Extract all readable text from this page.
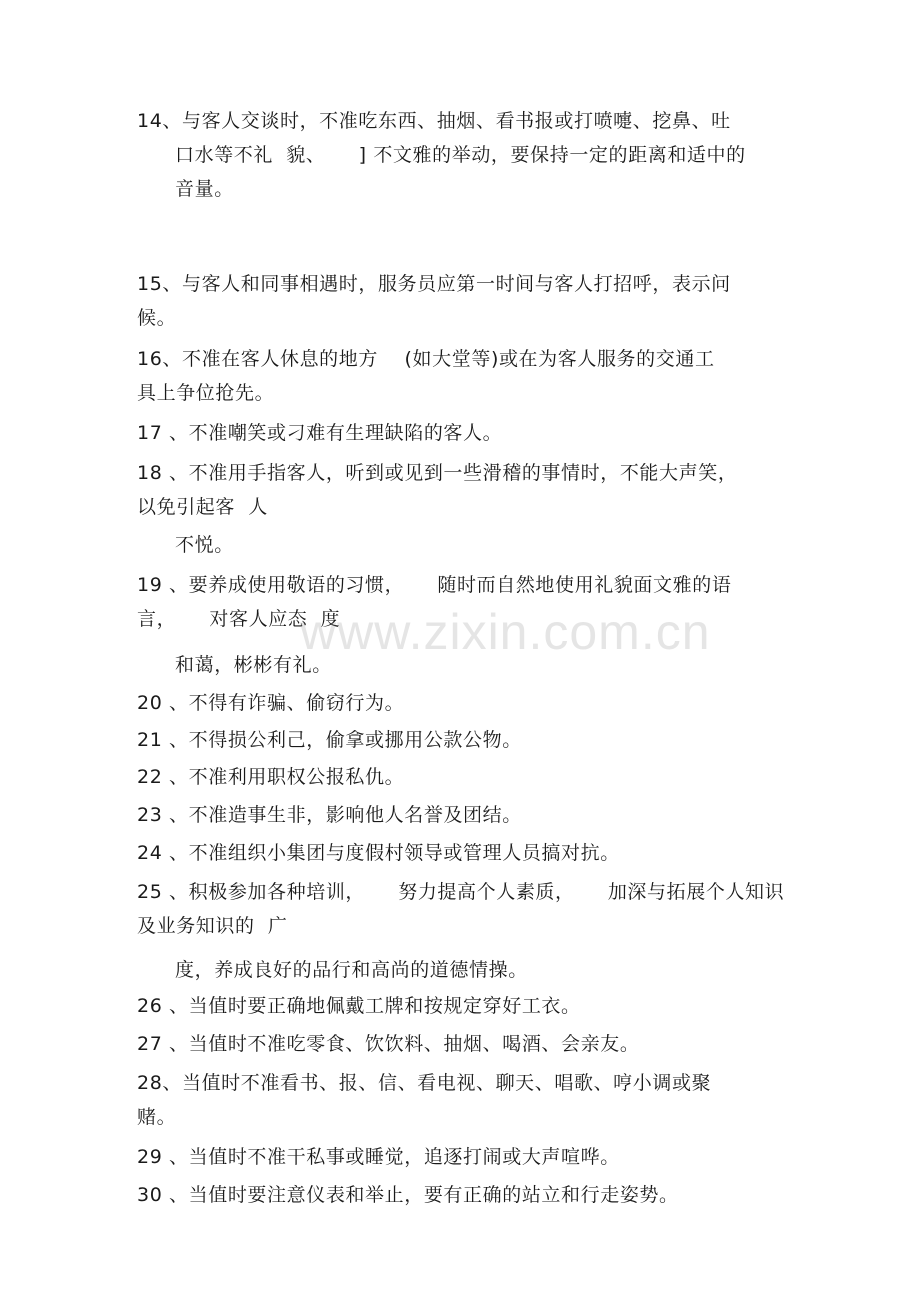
14、与客人交谈时，不准吃东西、抽烟、看书报或打喷嚏、挖鼻、吐
口水等不礼  貌、     ] 不文雅的举动，要保持一定的距离和适中的
音量。
15、与客人和同事相遇时，服务员应第一时间与客人打招呼，表示问
候。
16、不准在客人休息的地方    (如大堂等)或在为客人服务的交通工
具上争位抢先。
17 、不准嘲笑或刁难有生理缺陷的客人。
18 、不准用手指客人，听到或见到一些滑稽的事情时，不能大声笑，
以免引起客  人
不悦。
19 、要养成使用敬语的习惯，     随时而自然地使用礼貌面文雅的语
言，     对客人应态  度
和蔼，彬彬有礼。
20 、不得有诈骗、偷窃行为。
21 、不得损公利己，偷拿或挪用公款公物。
22 、不准利用职权公报私仇。
23 、不准造事生非，影响他人名誉及团结。
24 、不准组织小集团与度假村领导或管理人员搞对抗。
25 、积极参加各种培训，     努力提高个人素质，     加深与拓展个人知识
及业务知识的  广
度，养成良好的品行和高尚的道德情操。
26 、当值时要正确地佩戴工牌和按规定穿好工衣。
27 、当值时不准吃零食、饮饮料、抽烟、喝酒、会亲友。
28、当值时不准看书、报、信、看电视、聊天、唱歌、哼小调或聚
赌。
29 、当值时不准干私事或睡觉，追逐打闹或大声喧哗。
30 、当值时要注意仪表和举止，要有正确的站立和行走姿势。
www.zixin.com.cn
